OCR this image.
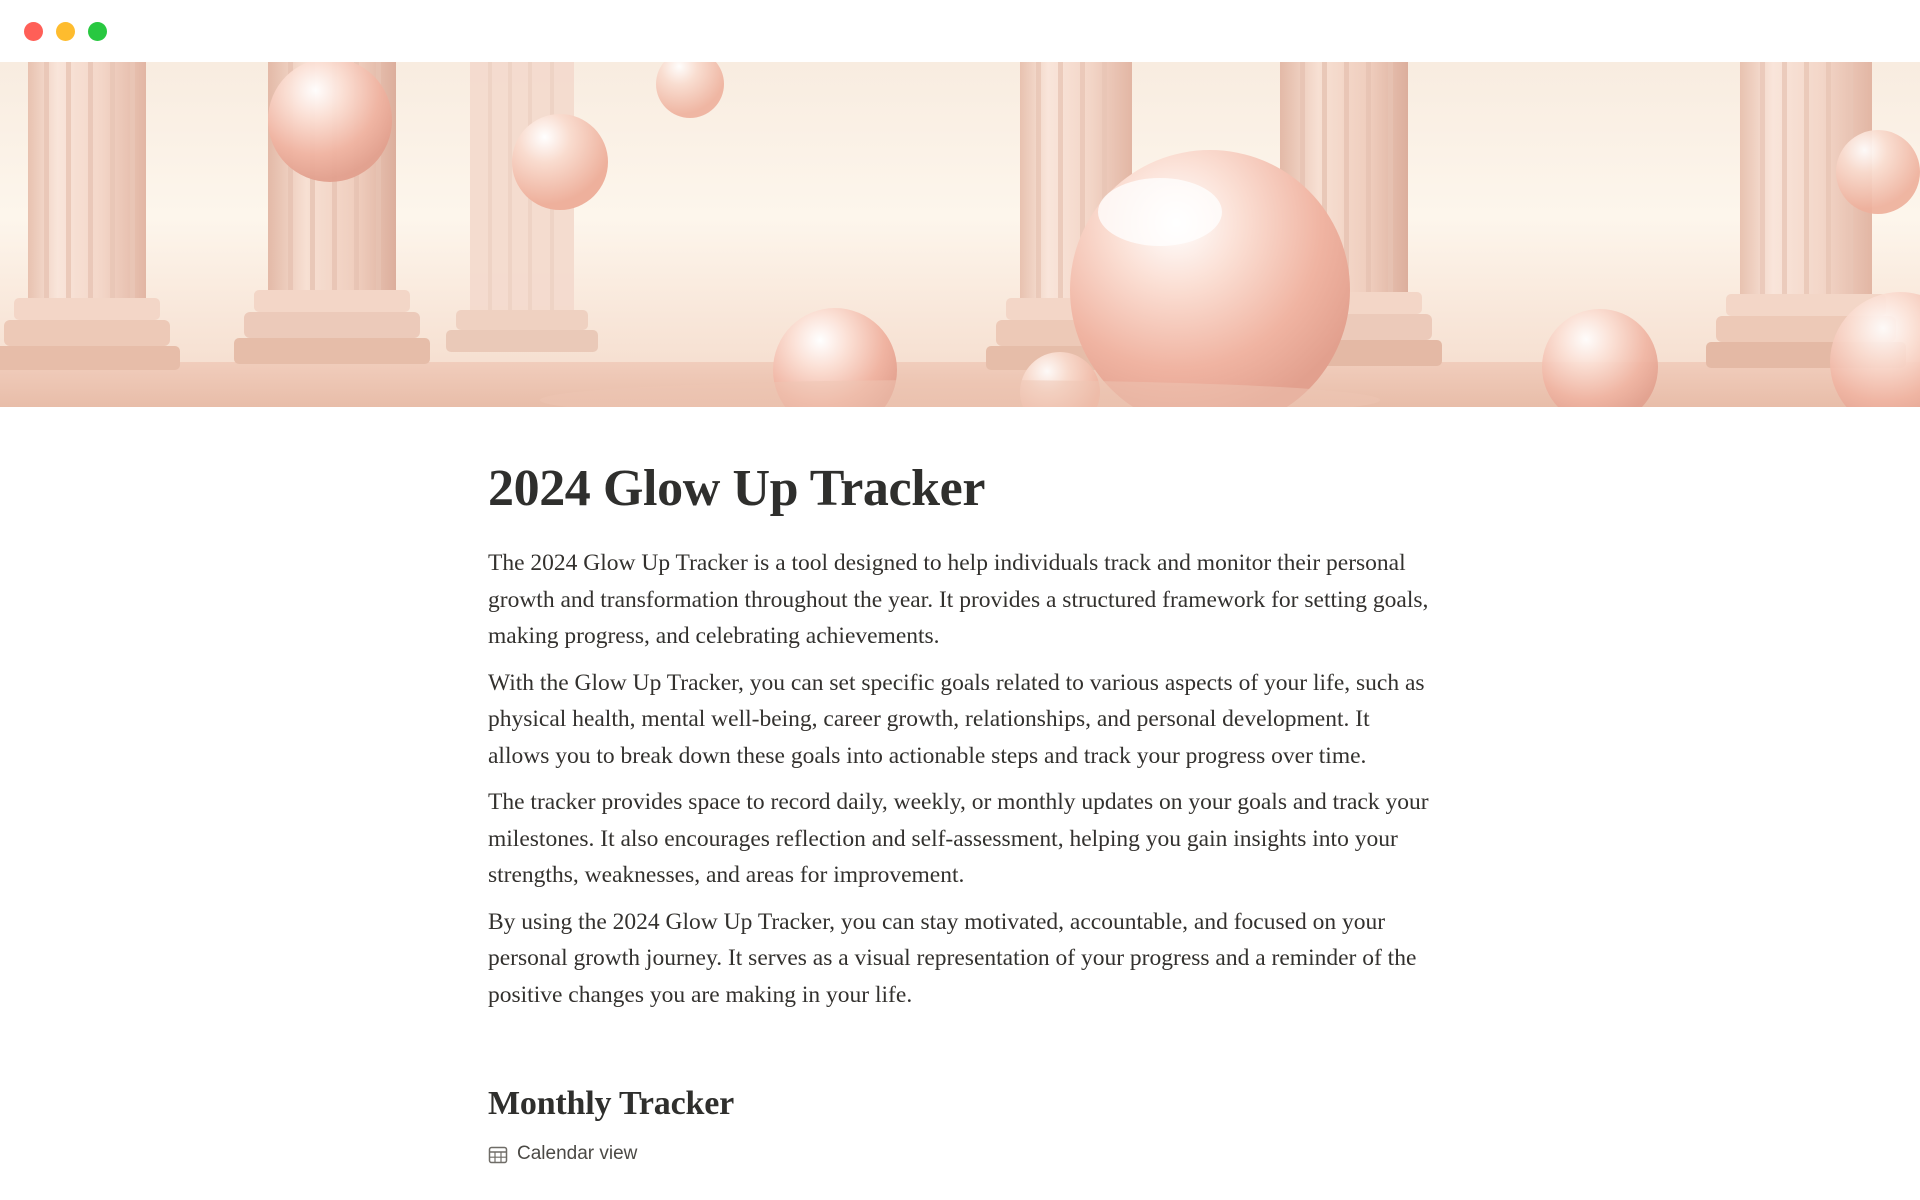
2024 Glow Up Tracker

The 2024 Glow Up Tracker is a tool designed to help individuals track and monitor their personal growth and transformation throughout the year. It provides a structured framework for setting goals, making progress, and celebrating achievements.

With the Glow Up Tracker, you can set specific goals related to various aspects of your life, such as physical health, mental well-being, career growth, relationships, and personal development. It allows you to break down these goals into actionable steps and track your progress over time.

The tracker provides space to record daily, weekly, or monthly updates on your goals and track your milestones. It also encourages reflection and self-assessment, helping you gain insights into your strengths, weaknesses, and areas for improvement.

By using the 2024 Glow Up Tracker, you can stay motivated, accountable, and focused on your personal growth journey. It serves as a visual representation of your progress and a reminder of the positive changes you are making in your life.

Monthly Tracker
Calendar view
